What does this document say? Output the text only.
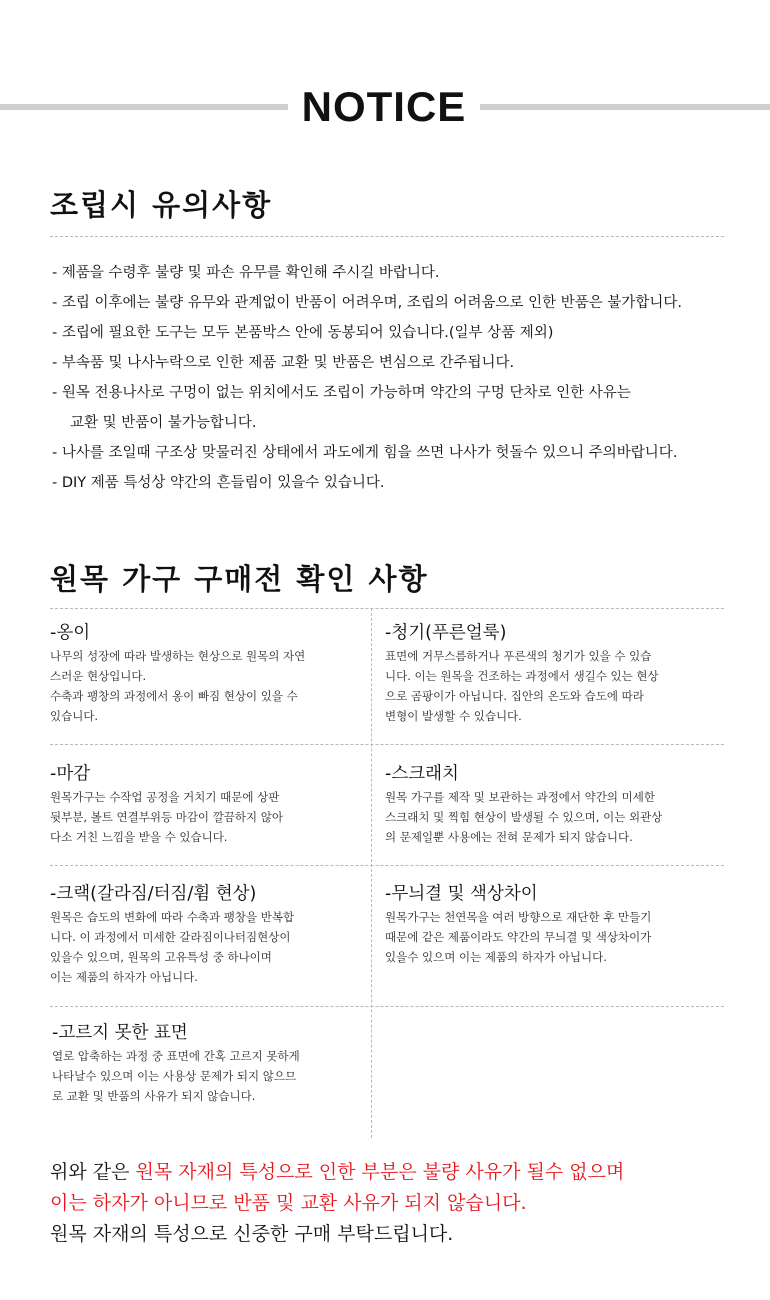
NOTICE
조립시 유의사항
- 제품을 수령후 불량 및 파손 유무를 확인해 주시길 바랍니다.
- 조립 이후에는 불량 유무와 관계없이 반품이 어려우며, 조립의 어려움으로 인한 반품은 불가합니다.
- 조립에 필요한 도구는 모두 본품박스 안에 동봉되어 있습니다.(일부 상품 제외)
- 부속품 및 나사누락으로 인한 제품 교환 및 반품은 변심으로 간주됩니다.
- 원목 전용나사로 구멍이 없는 위치에서도 조립이 가능하며 약간의 구멍 단차로 인한 사유는
교환 및 반품이 불가능합니다.
- 나사를 조일때 구조상 맞물러진 상태에서 과도에게 힘을 쓰면 나사가 헛돌수 있으니 주의바랍니다.
- DIY 제품 특성상 약간의 흔들림이 있을수 있습니다.
원목 가구 구매전 확인 사항
-옹이
나무의 성장에 따라 발생하는 현상으로 원목의 자연
스러운 현상입니다.
수축과 팽창의 과정에서 옹이 빠짐 현상이 있을 수
있습니다.
-청기(푸른얼룩)
표면에 거무스름하거나 푸른색의 청기가 있을 수 있습
니다. 이는 원목을 건조하는 과정에서 생길수 있는 현상
으로 곰팡이가 아닙니다. 집안의 온도와 습도에 따라
변형이 발생할 수 있습니다.
-마감
원목가구는 수작업 공정을 거치기 때문에 상판
뒷부분, 볼트 연결부위등 마감이 깔끔하지 않아
다소 거친 느낌을 받을 수 있습니다.
-스크래치
원목 가구를 제작 및 보관하는 과정에서 약간의 미세한
스크래치 및 찍힘 현상이 발생될 수 있으며, 이는 외관상
의 문제일뿐 사용에는 전혀 문제가 되지 않습니다.
-크랙(갈라짐/터짐/휨 현상)
원목은 습도의 변화에 따라 수축과 팽창을 반복합
니다. 이 과정에서 미세한 갈라짐이나터짐현상이
있을수 있으며, 원목의 고유특성 중 하나이며
이는 제품의 하자가 아닙니다.
-무늬결 및 색상차이
원목가구는 천연목을 여러 방향으로 재단한 후 만들기
때문에 같은 제품이라도 약간의 무늬결 및 색상차이가
있을수 있으며 이는 제품의 하자가 아닙니다.
-고르지 못한 표면
열로 압축하는 과정 중 표면에 간혹 고르지 못하게
나타날수 있으며 이는 사용상 문제가 되지 않으므
로 교환 및 반품의 사유가 되지 않습니다.
위와 같은 원목 자재의 특성으로 인한 부분은 불량 사유가 될수 없으며
이는 하자가 아니므로 반품 및 교환 사유가 되지 않습니다.
원목 자재의 특성으로 신중한 구매 부탁드립니다.
